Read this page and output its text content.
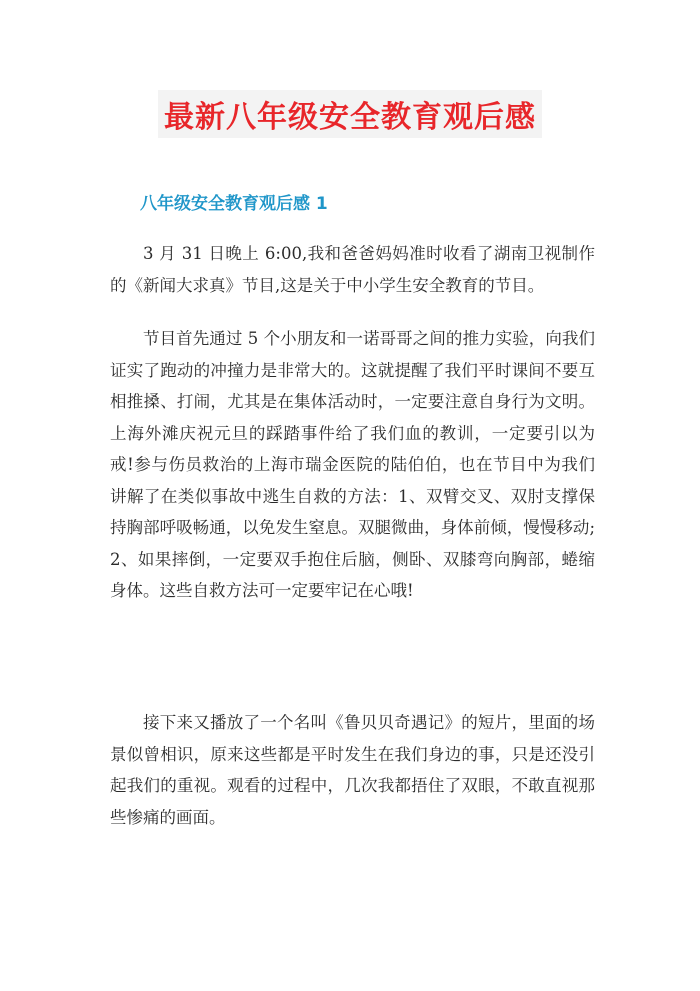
最新八年级安全教育观后感
八年级安全教育观后感 1

3 月 31 日晚上 6:00,我和爸爸妈妈准时收看了湖南卫视制作的《新闻大求真》节目,这是关于中小学生安全教育的节目。

节目首先通过 5 个小朋友和一诺哥哥之间的推力实验，向我们证实了跑动的冲撞力是非常大的。这就提醒了我们平时课间不要互相推搡、打闹，尤其是在集体活动时，一定要注意自身行为文明。上海外滩庆祝元旦的踩踏事件给了我们血的教训，一定要引以为戒!参与伤员救治的上海市瑞金医院的陆伯伯，也在节目中为我们讲解了在类似事故中逃生自救的方法：1、双臂交叉、双肘支撑保持胸部呼吸畅通，以免发生窒息。双腿微曲，身体前倾，慢慢移动;2、如果摔倒，一定要双手抱住后脑，侧卧、双膝弯向胸部，蜷缩身体。这些自救方法可一定要牢记在心哦!

接下来又播放了一个名叫《鲁贝贝奇遇记》的短片，里面的场景似曾相识，原来这些都是平时发生在我们身边的事，只是还没引起我们的重视。观看的过程中，几次我都捂住了双眼，不敢直视那些惨痛的画面。
